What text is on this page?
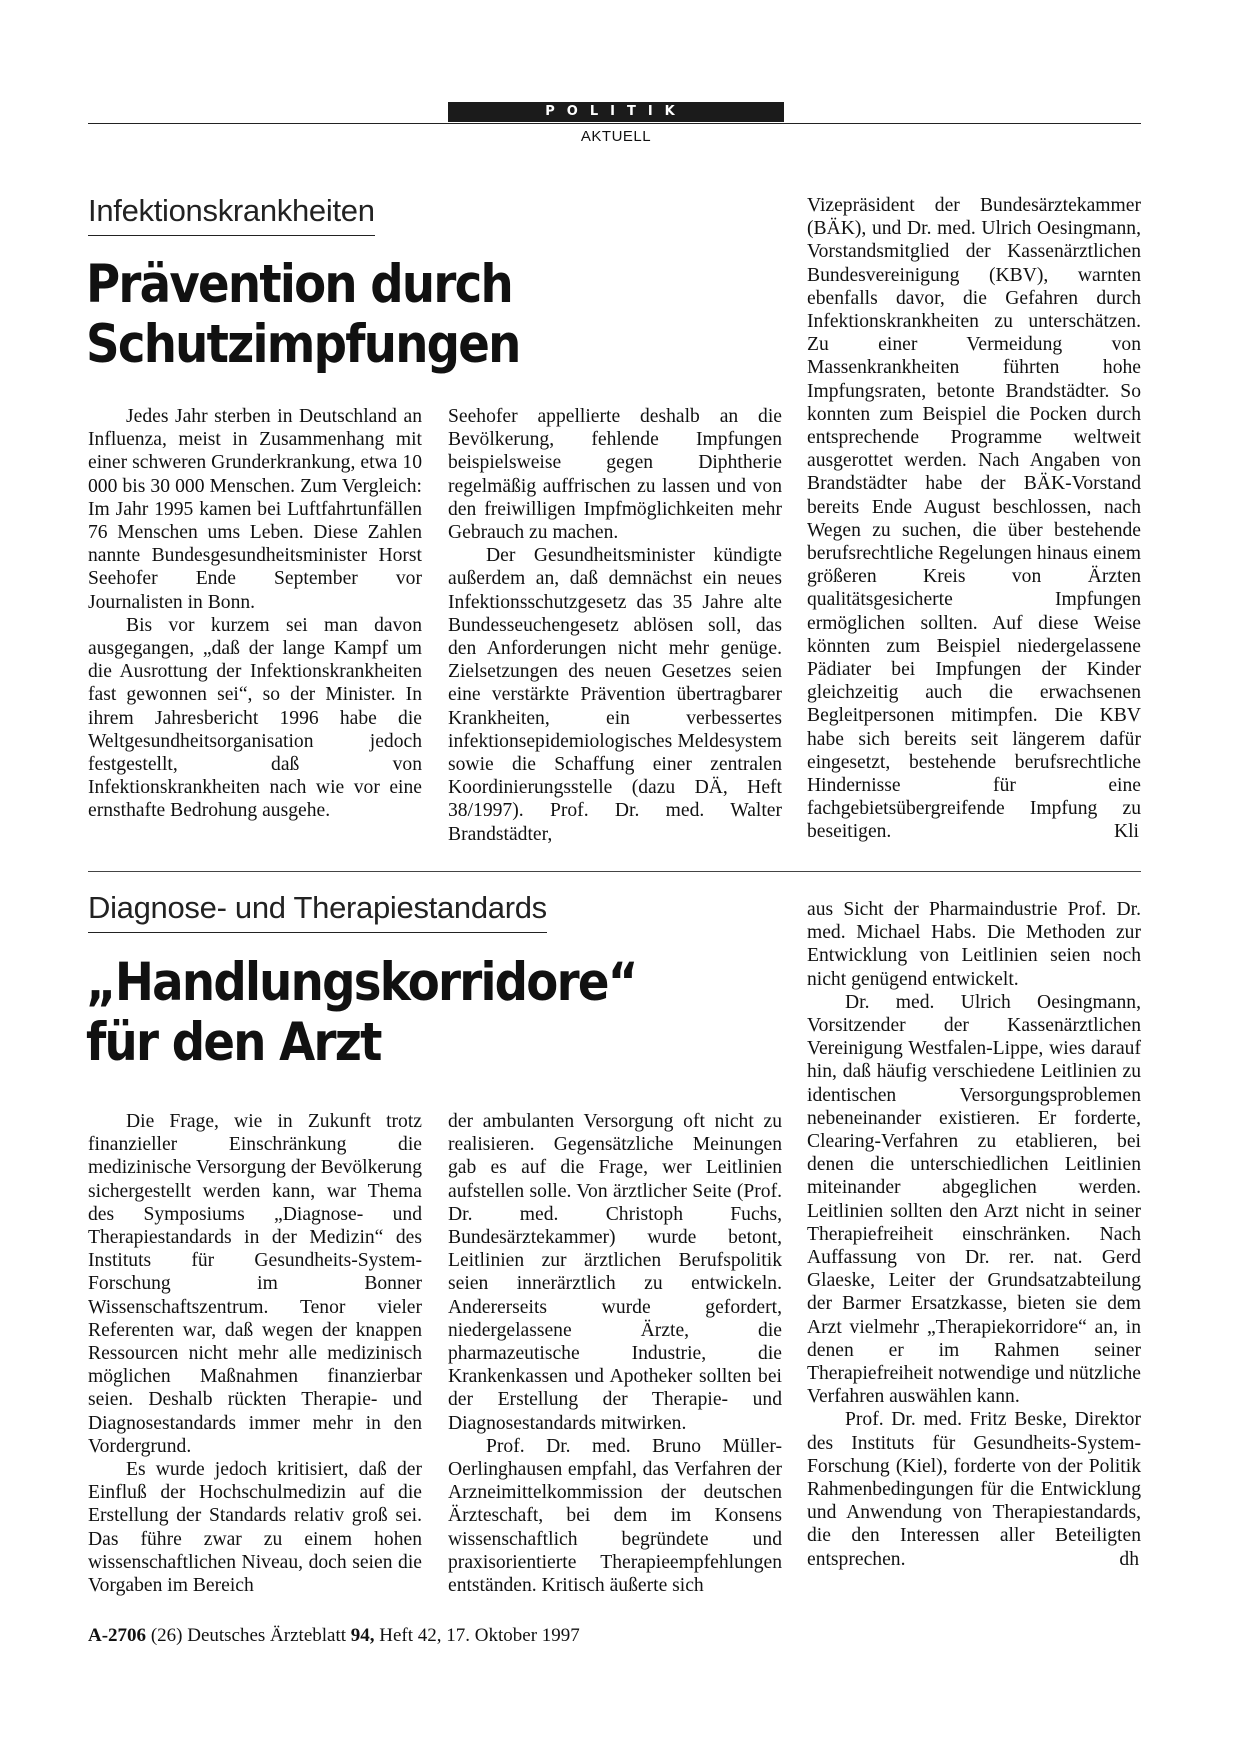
POLITIK
AKTUELL
Infektionskrankheiten
Prävention durch
Schutzimpfungen

Jedes Jahr sterben in Deutschland an Influenza, meist in Zusammenhang mit einer schweren Grunderkrankung, etwa 10 000 bis 30 000 Menschen. Zum Vergleich: Im Jahr 1995 kamen bei Luftfahrtunfällen 76 Menschen ums Leben. Diese Zahlen nannte Bundesgesundheitsminister Horst Seehofer Ende September vor Journalisten in Bonn.

Bis vor kurzem sei man davon ausgegangen, „daß der lange Kampf um die Ausrottung der Infektionskrankheiten fast gewonnen sei“, so der Minister. In ihrem Jahresbericht 1996 habe die Weltgesundheitsorganisation jedoch festgestellt, daß von Infektionskrankheiten nach wie vor eine ernsthafte Bedrohung ausgehe.

Seehofer appellierte deshalb an die Bevölkerung, fehlende Impfungen beispielsweise gegen Diphtherie regelmäßig auffrischen zu lassen und von den freiwilligen Impfmöglichkeiten mehr Gebrauch zu machen.

Der Gesundheitsminister kündigte außerdem an, daß demnächst ein neues Infektionsschutzgesetz das 35 Jahre alte Bundesseuchengesetz ablösen soll, das den Anforderungen nicht mehr genüge. Zielsetzungen des neuen Gesetzes seien eine verstärkte Prävention übertragbarer Krankheiten, ein verbessertes infektionsepidemiologisches Meldesystem sowie die Schaffung einer zentralen Koordinierungsstelle (dazu DÄ, Heft 38/1997). Prof. Dr. med. Walter Brandstädter,

Vizepräsident der Bundesärztekammer (BÄK), und Dr. med. Ulrich Oesingmann, Vorstandsmitglied der Kassenärztlichen Bundesvereinigung (KBV), warnten ebenfalls davor, die Gefahren durch Infektionskrankheiten zu unterschätzen. Zu einer Vermeidung von Massenkrankheiten führten hohe Impfungsraten, betonte Brandstädter. So konnten zum Beispiel die Pocken durch entsprechende Programme weltweit ausgerottet werden. Nach Angaben von Brandstädter habe der BÄK-Vorstand bereits Ende August beschlossen, nach Wegen zu suchen, die über bestehende berufsrechtliche Regelungen hinaus einem größeren Kreis von Ärzten qualitätsgesicherte Impfungen ermöglichen sollten. Auf diese Weise könnten zum Beispiel niedergelassene Pädiater bei Impfungen der Kinder gleichzeitig auch die erwachsenen Begleitpersonen mitimpfen. Die KBV habe sich bereits seit längerem dafür eingesetzt, bestehende berufsrechtliche Hindernisse für eine fachgebietsübergreifende Impfung zu beseitigen.	Kli

Diagnose- und Therapiestandards
„Handlungskorridore“
für den Arzt

Die Frage, wie in Zukunft trotz finanzieller Einschränkung die medizinische Versorgung der Bevölkerung sichergestellt werden kann, war Thema des Symposiums „Diagnose- und Therapiestandards in der Medizin“ des Instituts für Gesundheits-System-Forschung im Bonner Wissenschaftszentrum. Tenor vieler Referenten war, daß wegen der knappen Ressourcen nicht mehr alle medizinisch möglichen Maßnahmen finanzierbar seien. Deshalb rückten Therapie- und Diagnosestandards immer mehr in den Vordergrund.

Es wurde jedoch kritisiert, daß der Einfluß der Hochschulmedizin auf die Erstellung der Standards relativ groß sei. Das führe zwar zu einem hohen wissenschaftlichen Niveau, doch seien die Vorgaben im Bereich

der ambulanten Versorgung oft nicht zu realisieren. Gegensätzliche Meinungen gab es auf die Frage, wer Leitlinien aufstellen solle. Von ärztlicher Seite (Prof. Dr. med. Christoph Fuchs, Bundesärztekammer) wurde betont, Leitlinien zur ärztlichen Berufspolitik seien innerärztlich zu entwickeln. Andererseits wurde gefordert, niedergelassene Ärzte, die pharmazeutische Industrie, die Krankenkassen und Apotheker sollten bei der Erstellung der Therapie- und Diagnosestandards mitwirken.

Prof. Dr. med. Bruno Müller-Oerlinghausen empfahl, das Verfahren der Arzneimittelkommission der deutschen Ärzteschaft, bei dem im Konsens wissenschaftlich begründete und praxisorientierte Therapieempfehlungen entständen. Kritisch äußerte sich

aus Sicht der Pharmaindustrie Prof. Dr. med. Michael Habs. Die Methoden zur Entwicklung von Leitlinien seien noch nicht genügend entwickelt.

Dr. med. Ulrich Oesingmann, Vorsitzender der Kassenärztlichen Vereinigung Westfalen-Lippe, wies darauf hin, daß häufig verschiedene Leitlinien zu identischen Versorgungsproblemen nebeneinander existieren. Er forderte, Clearing-Verfahren zu etablieren, bei denen die unterschiedlichen Leitlinien miteinander abgeglichen werden. Leitlinien sollten den Arzt nicht in seiner Therapiefreiheit einschränken. Nach Auffassung von Dr. rer. nat. Gerd Glaeske, Leiter der Grundsatzabteilung der Barmer Ersatzkasse, bieten sie dem Arzt vielmehr „Therapiekorridore“ an, in denen er im Rahmen seiner Therapiefreiheit notwendige und nützliche Verfahren auswählen kann.

Prof. Dr. med. Fritz Beske, Direktor des Instituts für Gesundheits-System-Forschung (Kiel), forderte von der Politik Rahmenbedingungen für die Entwicklung und Anwendung von Therapiestandards, die den Interessen aller Beteiligten entsprechen.	dh

A-2706 (26) Deutsches Ärzteblatt 94, Heft 42, 17. Oktober 1997
